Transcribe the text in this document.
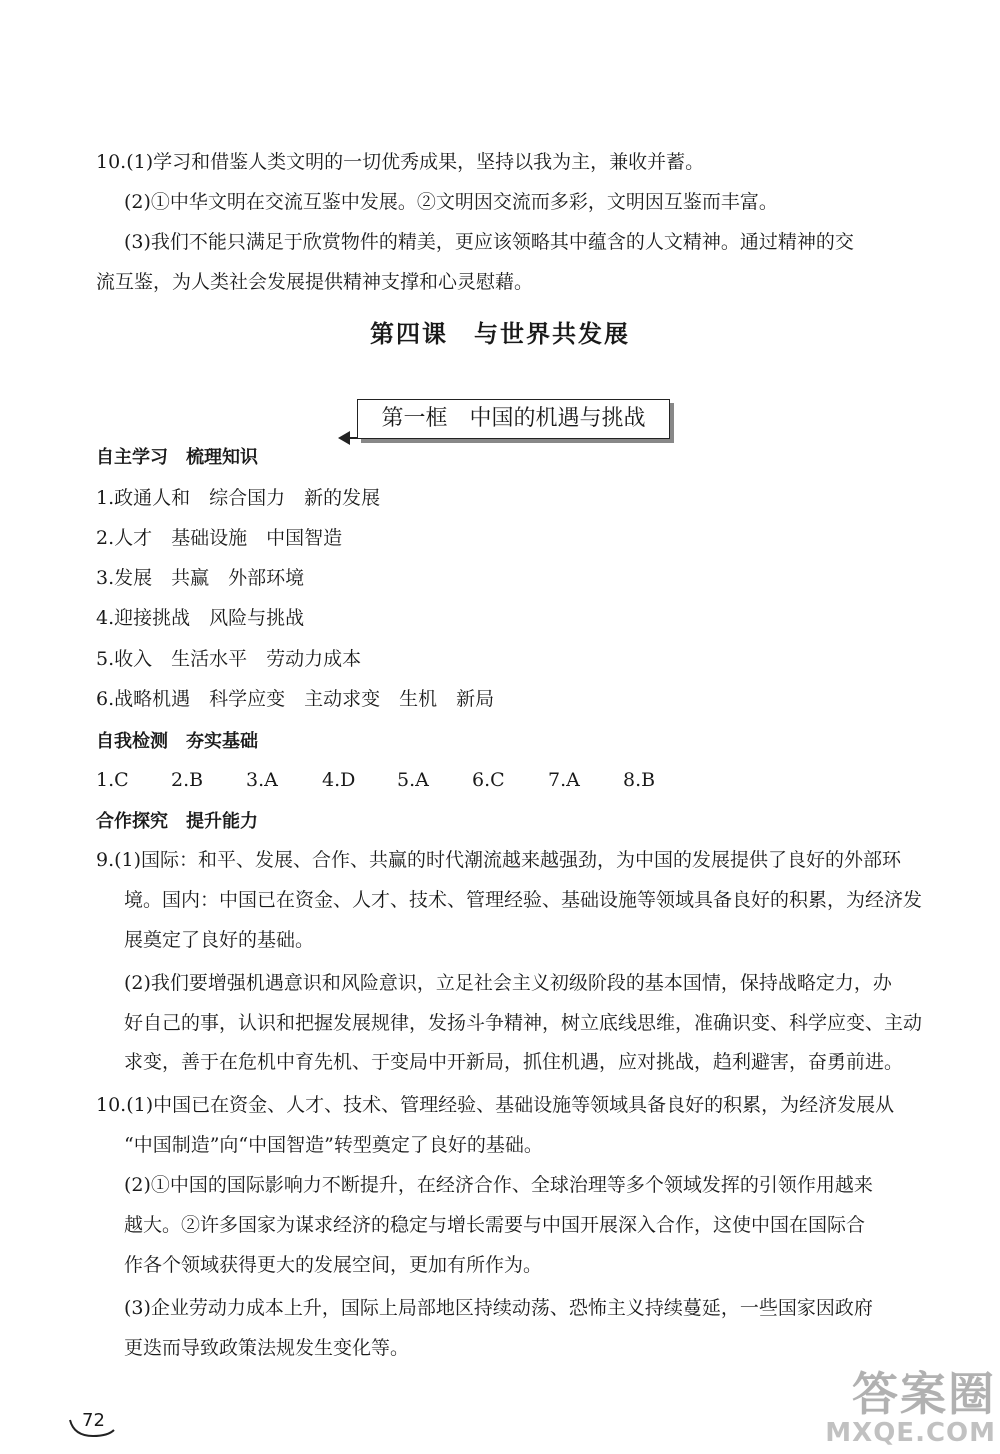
10.(1)学习和借鉴人类文明的一切优秀成果，坚持以我为主，兼收并蓄。
(2)①中华文明在交流互鉴中发展。②文明因交流而多彩，文明因互鉴而丰富。
(3)我们不能只满足于欣赏物件的精美，更应该领略其中蕴含的人文精神。通过精神的交
流互鉴，为人类社会发展提供精神支撑和心灵慰藉。
第四课　与世界共发展
第一框　中国的机遇与挑战
自主学习　梳理知识
1.政通人和　综合国力　新的发展
2.人才　基础设施　中国智造
3.发展　共赢　外部环境
4.迎接挑战　风险与挑战
5.收入　生活水平　劳动力成本
6.战略机遇　科学应变　主动求变　生机　新局
自我检测　夯实基础
1.C 2.B 3.A 4.D 5.A 6.C 7.A 8.B
合作探究　提升能力
9.(1)国际：和平、发展、合作、共赢的时代潮流越来越强劲，为中国的发展提供了良好的外部环
境。国内：中国已在资金、人才、技术、管理经验、基础设施等领域具备良好的积累，为经济发
展奠定了良好的基础。
(2)我们要增强机遇意识和风险意识，立足社会主义初级阶段的基本国情，保持战略定力，办
好自己的事，认识和把握发展规律，发扬斗争精神，树立底线思维，准确识变、科学应变、主动
求变，善于在危机中育先机、于变局中开新局，抓住机遇，应对挑战，趋利避害，奋勇前进。
10.(1)中国已在资金、人才、技术、管理经验、基础设施等领域具备良好的积累，为经济发展从
“中国制造”向“中国智造”转型奠定了良好的基础。
(2)①中国的国际影响力不断提升，在经济合作、全球治理等多个领域发挥的引领作用越来
越大。②许多国家为谋求经济的稳定与增长需要与中国开展深入合作，这使中国在国际合
作各个领域获得更大的发展空间，更加有所作为。
(3)企业劳动力成本上升，国际上局部地区持续动荡、恐怖主义持续蔓延，一些国家因政府
更迭而导致政策法规发生变化等。
72	答案圈
MXQE.COM
